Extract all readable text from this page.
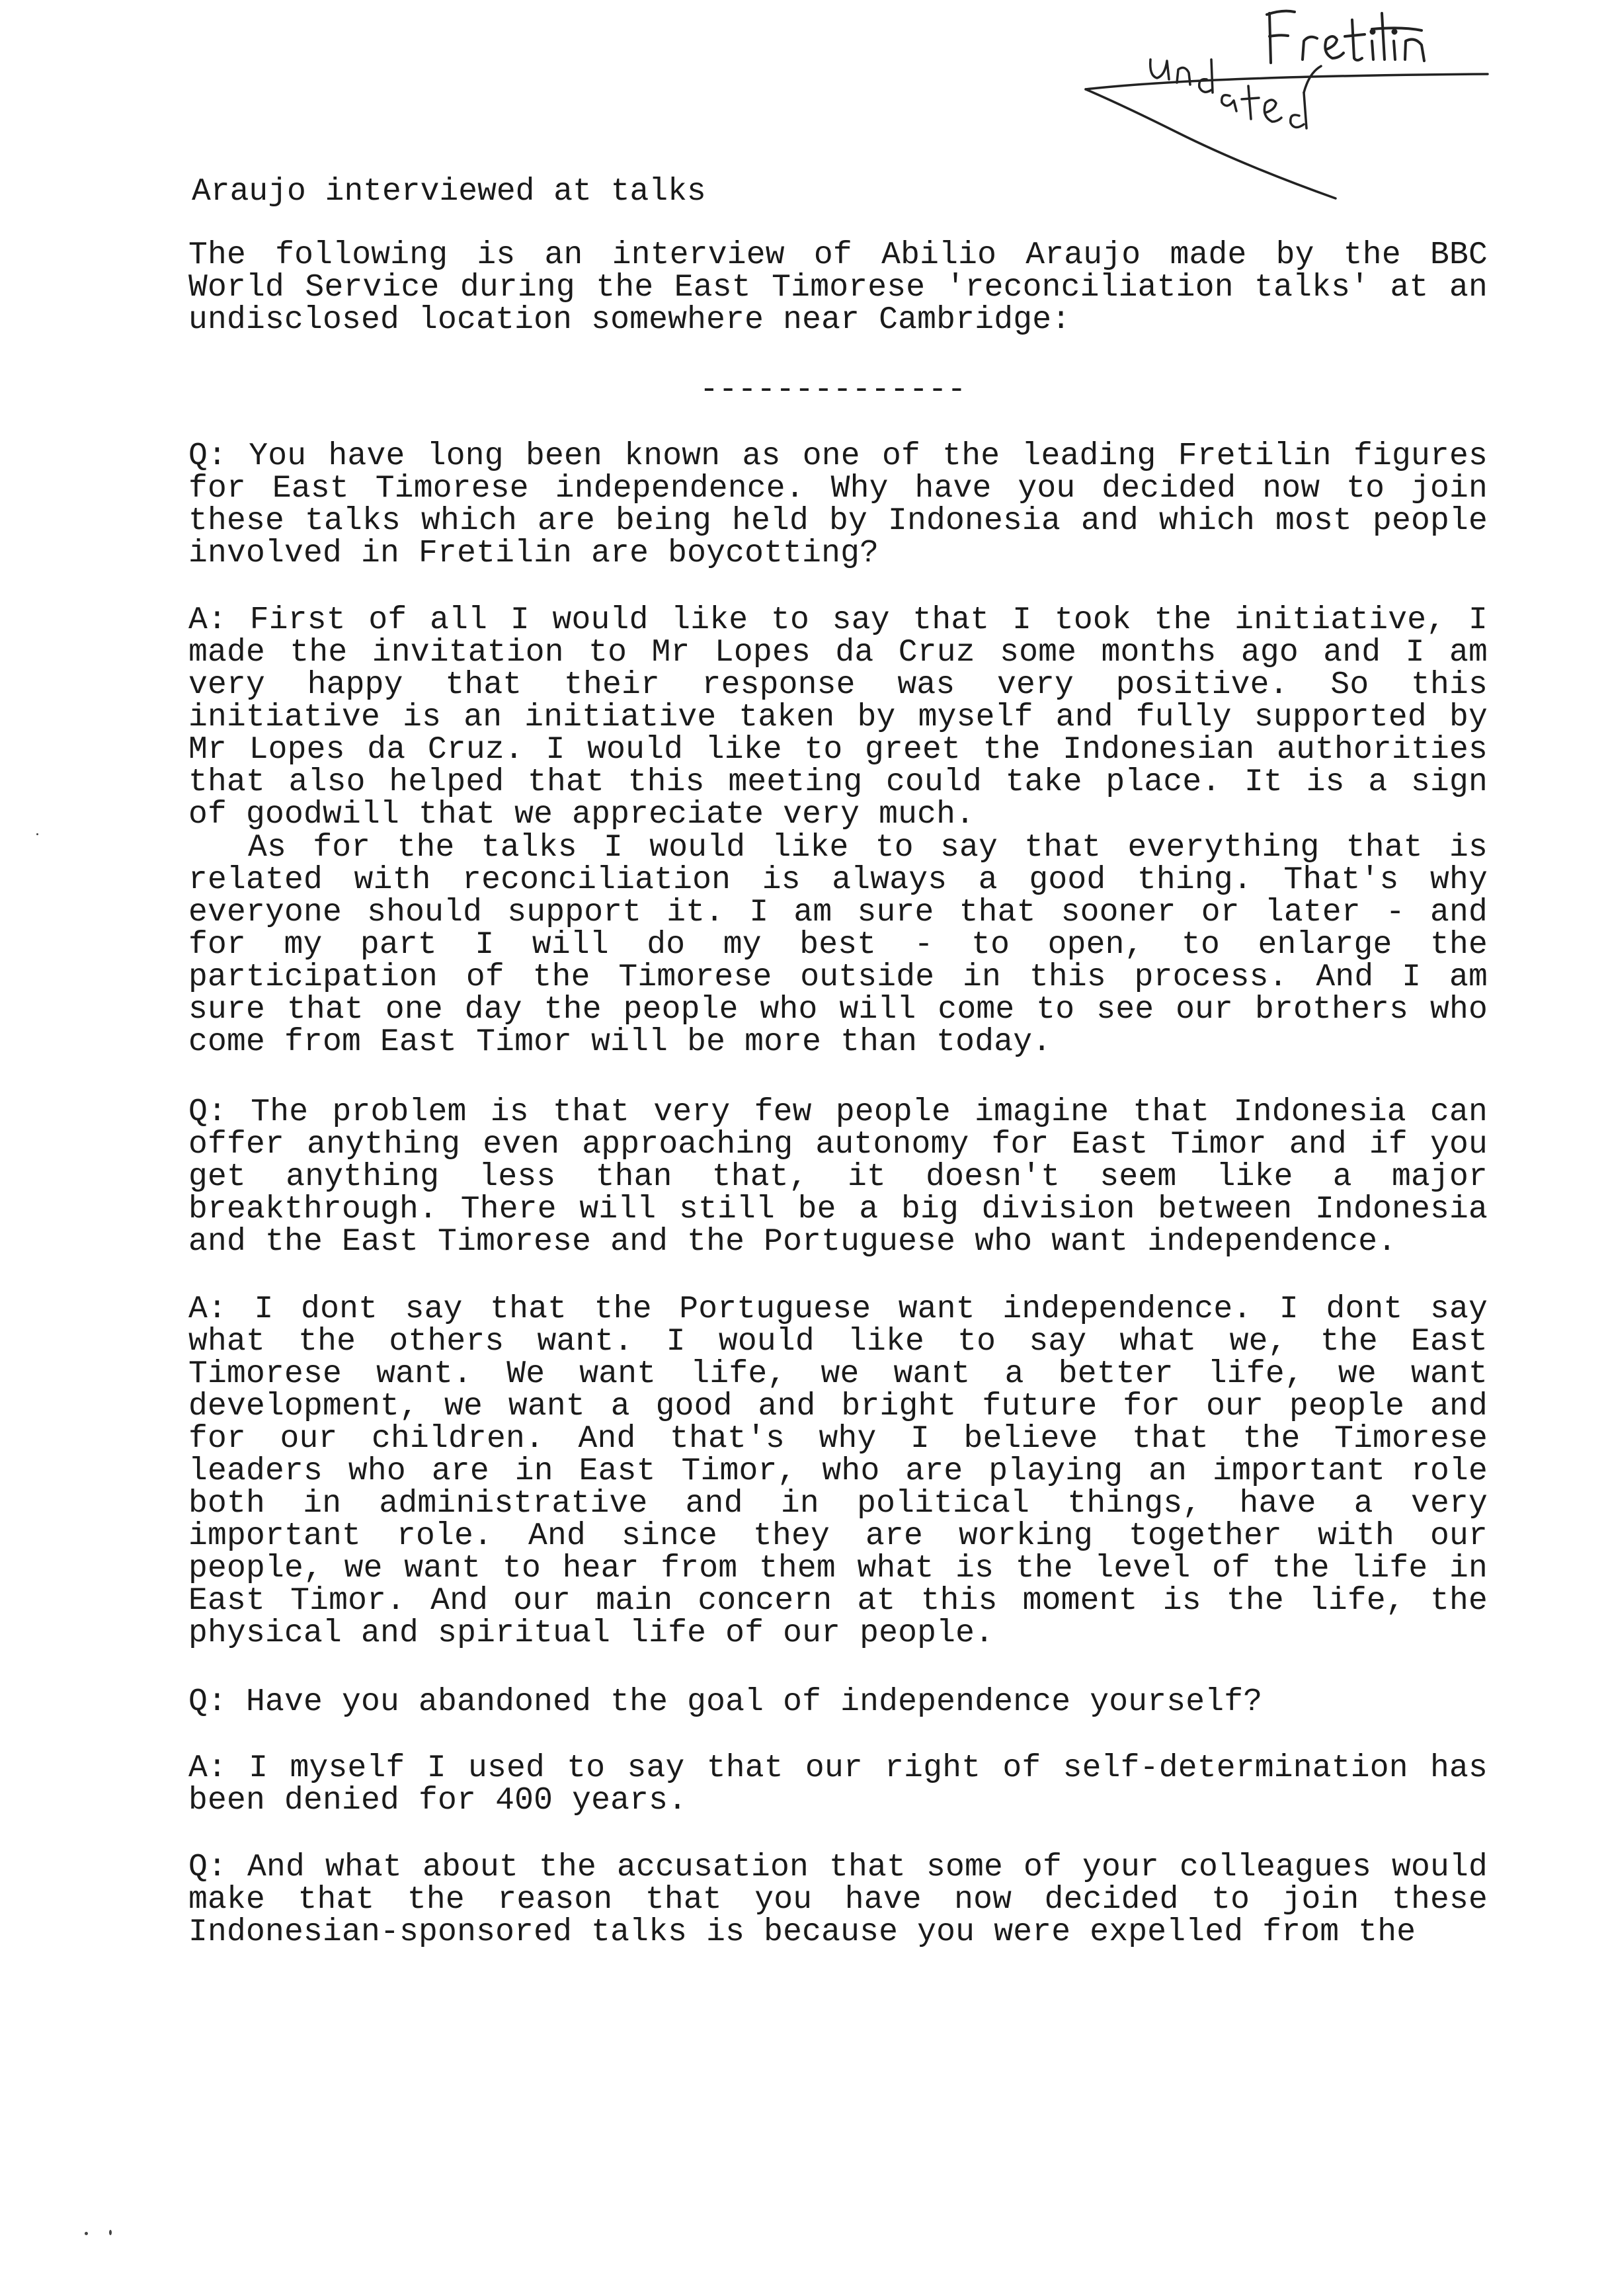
Araujo interviewed at talks

The following is an interview of Abilio Araujo made by the BBC World Service during the East Timorese 'reconciliation talks' at an undisclosed location somewhere near Cambridge:

--------------

Q: You have long been known as one of the leading Fretilin figures for East Timorese independence. Why have you decided now to join these talks which are being held by Indonesia and which most people involved in Fretilin are boycotting?

A: First of all I would like to say that I took the initiative, I made the invitation to Mr Lopes da Cruz some months ago and I am very happy that their response was very positive. So this initiative is an initiative taken by myself and fully supported by Mr Lopes da Cruz. I would like to greet the Indonesian authorities that also helped that this meeting could take place. It is a sign of goodwill that we appreciate very much.

As for the talks I would like to say that everything that is related with reconciliation is always a good thing. That's why everyone should support it. I am sure that sooner or later - and for my part I will do my best - to open, to enlarge the participation of the Timorese outside in this process. And I am sure that one day the people who will come to see our brothers who come from East Timor will be more than today.

Q: The problem is that very few people imagine that Indonesia can offer anything even approaching autonomy for East Timor and if you get anything less than that, it doesn't seem like a major breakthrough. There will still be a big division between Indonesia and the East Timorese and the Portuguese who want independence.

A: I dont say that the Portuguese want independence. I dont say what the others want. I would like to say what we, the East Timorese want. We want life, we want a better life, we want development, we want a good and bright future for our people and for our children. And that's why I believe that the Timorese leaders who are in East Timor, who are playing an important role both in administrative and in political things, have a very important role. And since they are working together with our people, we want to hear from them what is the level of the life in East Timor. And our main concern at this moment is the life, the physical and spiritual life of our people.

Q: Have you abandoned the goal of independence yourself?

A: I myself I used to say that our right of self-determination has been denied for 400 years.

Q: And what about the accusation that some of your colleagues would make that the reason that you have now decided to join these Indonesian-sponsored talks is because you were expelled from the
